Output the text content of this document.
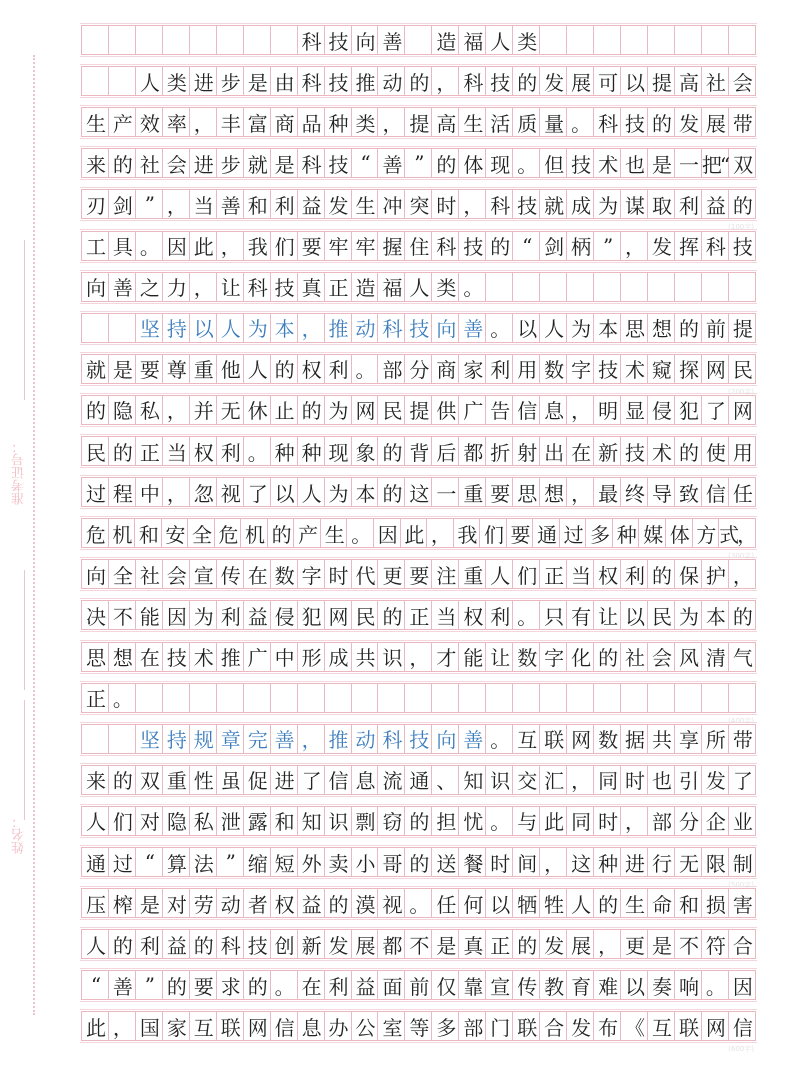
准考证号：
姓名：
科 技 向 善 造 福 人 类
人 类 进 步 是 由 科 技 推 动 的 ， 科 技 的 发 展 可 以 提 高 社 会
生 产 效 率 ， 丰 富 商 品 种 类 ， 提 高 生 活 质 量 。 科 技 的 发 展 带
来 的 社 会 进 步 就 是 科 技 “ 善 ” 的 体 现 。 但 技 术 也 是 一 把“ 双
刃 剑 ” ， 当 善 和 利 益 发 生 冲 突 时 ， 科 技 就 成 为 谋 取 利 益 的
工 具 。 因 此 ， 我 们 要 牢 牢 握 住 科 技 的 “ 剑 柄 ” ， 发 挥 科 技
向 善 之 力 ， 让 科 技 真 正 造 福 人 类 。
坚 持 以 人 为 本 ， 推 动 科 技 向 善 。 以 人 为 本 思 想 的 前 提
就 是 要 尊 重 他 人 的 权 利 。 部 分 商 家 利 用 数 字 技 术 窥 探 网 民
的 隐 私 ， 并 无 休 止 的 为 网 民 提 供 广 告 信 息 ， 明 显 侵 犯 了 网
民 的 正 当 权 利 。 种 种 现 象 的 背 后 都 折 射 出 在 新 技 术 的 使 用
过 程 中 ， 忽 视 了 以 人 为 本 的 这 一 重 要 思 想 ， 最 终 导 致 信 任
危 机 和 安 全 危 机 的 产 生 。 因 此 ， 我 们 要 通 过 多 种 媒 体 方 式，
向 全 社 会 宣 传 在 数 字 时 代 更 要 注 重 人 们 正 当 权 利 的 保 护 ，
决 不 能 因 为 利 益 侵 犯 网 民 的 正 当 权 利 。 只 有 让 以 民 为 本 的
思 想 在 技 术 推 广 中 形 成 共 识 ， 才 能 让 数 字 化 的 社 会 风 清 气
正 。
坚 持 规 章 完 善 ， 推 动 科 技 向 善 。 互 联 网 数 据 共 享 所 带
来 的 双 重 性 虽 促 进 了 信 息 流 通 、 知 识 交 汇 ， 同 时 也 引 发 了
人 们 对 隐 私 泄 露 和 知 识 剽 窃 的 担 忧 。 与 此 同 时 ， 部 分 企 业
通 过 “ 算 法 ” 缩 短 外 卖 小 哥 的 送 餐 时 间 ， 这 种 进 行 无 限 制
压 榨 是 对 劳 动 者 权 益 的 漠 视 。 任 何 以 牺 牲 人 的 生 命 和 损 害
人 的 利 益 的 科 技 创 新 发 展 都 不 是 真 正 的 发 展 ， 更 是 不 符 合
“ 善 ” 的 要 求 的 。 在 利 益 面 前 仅 靠 宣 传 教 育 难 以 奏 响 。 因
此 ， 国 家 互 联 网 信 息 办 公 室 等 多 部 门 联 合 发 布 《 互 联 网 信
(100字)
(200字)
(300字)
(400字)
(500字)
(600字)
